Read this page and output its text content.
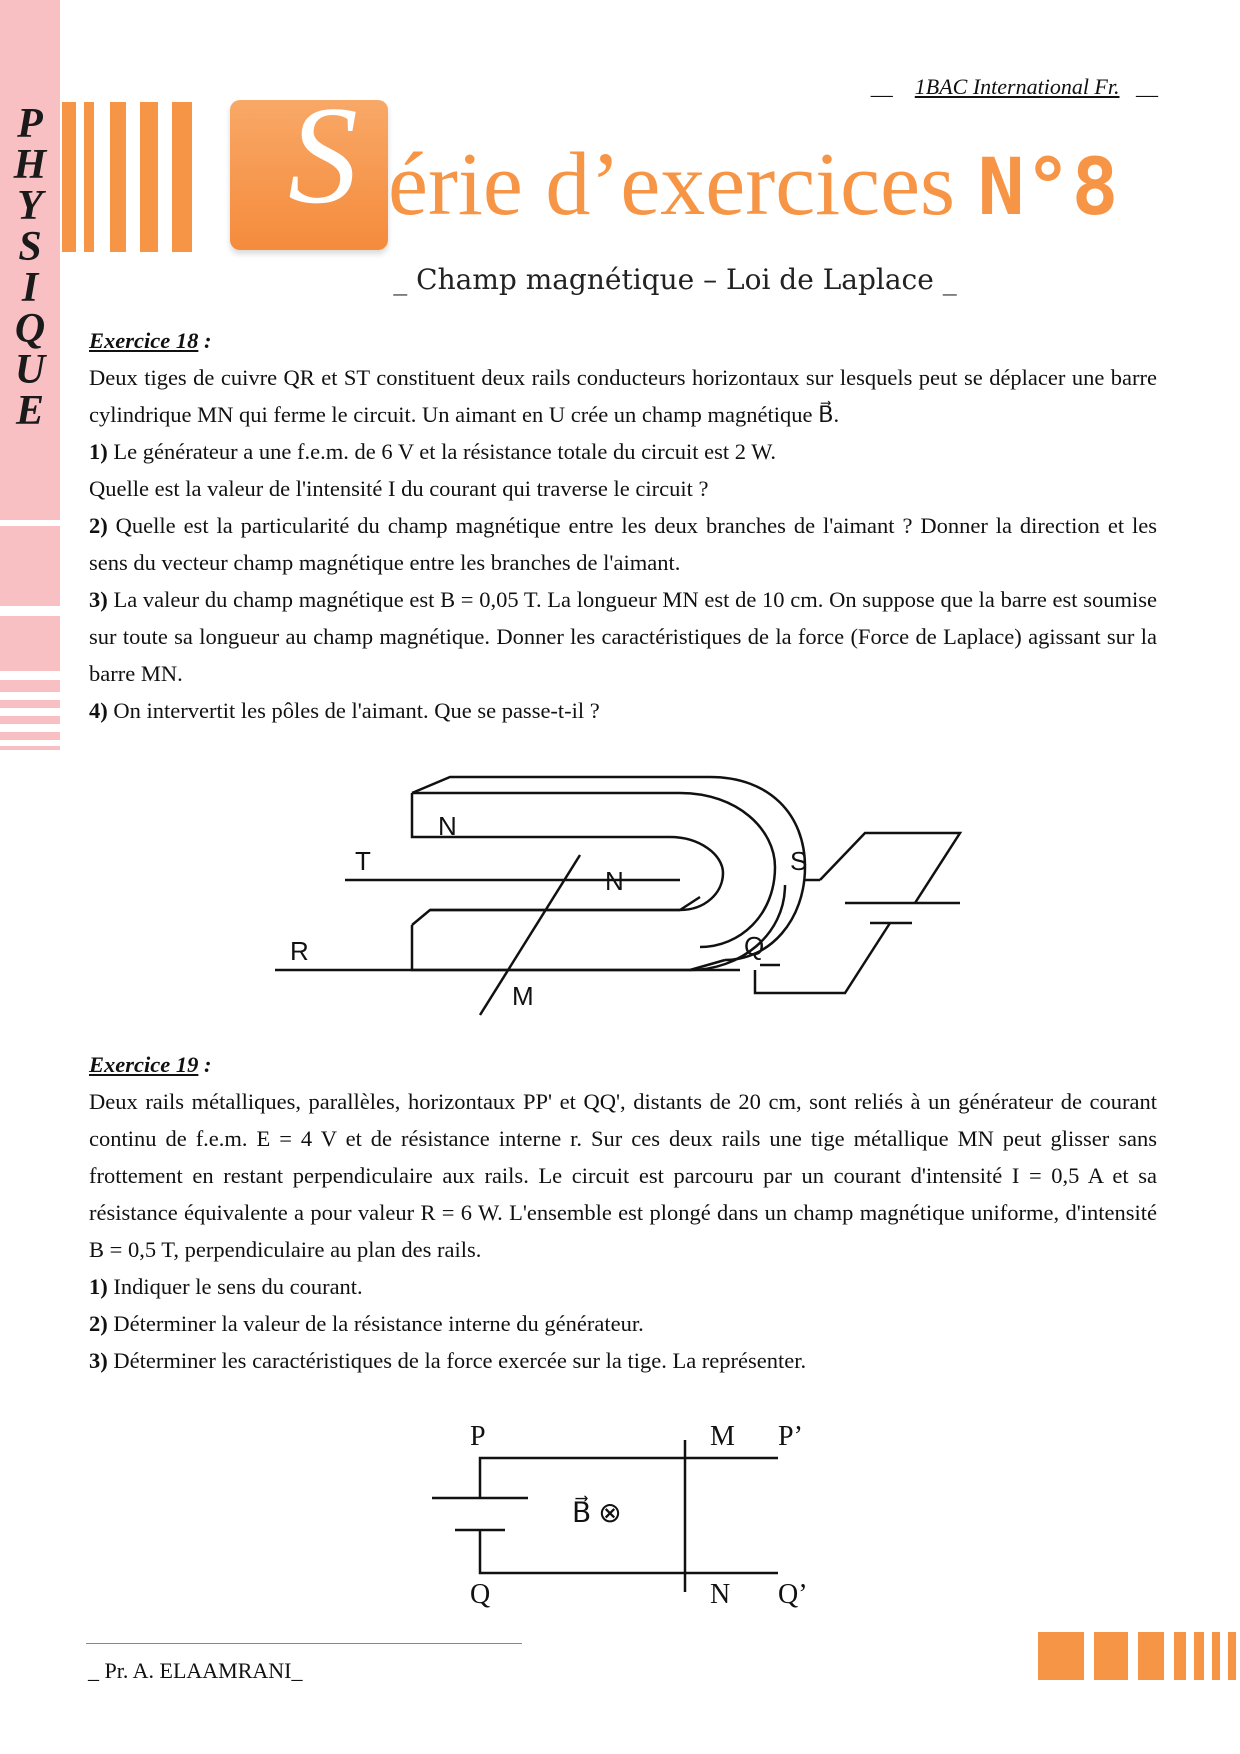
P
H
Y
S
I
Q
U
E
__ 1BAC International Fr. __
S érie d’exercices N°8
_ Champ magnétique – Loi de Laplace _

Exercice 18 :

Deux tiges de cuivre QR et ST constituent deux rails conducteurs horizontaux sur lesquels peut se déplacer une barre cylindrique MN qui ferme le circuit. Un aimant en U crée un champ magnétique B⃗.

1) Le générateur a une f.e.m. de 6 V et la résistance totale du circuit est 2 W.

Quelle est la valeur de l'intensité I du courant qui traverse le circuit ?

2) Quelle est la particularité du champ magnétique entre les deux branches de l'aimant ? Donner la direction et les sens du vecteur champ magnétique entre les branches de l'aimant.

3) La valeur du champ magnétique est B = 0,05 T. La longueur MN est de 10 cm. On suppose que la barre est soumise sur toute sa longueur au champ magnétique. Donner les caractéristiques de la force (Force de Laplace) agissant sur la barre MN.

4) On intervertit les pôles de l'aimant. Que se passe-t-il ?

N
T	S
N
R	Q
M

Exercice 19 :

Deux rails métalliques, parallèles, horizontaux PP' et QQ', distants de 20 cm, sont reliés à un générateur de courant continu de f.e.m. E = 4 V et de résistance interne r. Sur ces deux rails une tige métallique MN peut glisser sans frottement en restant perpendiculaire aux rails. Le circuit est parcouru par un courant d'intensité I = 0,5 A et sa résistance équivalente a pour valeur R = 6 W. L'ensemble est plongé dans un champ magnétique uniforme, d'intensité B = 0,5 T, perpendiculaire au plan des rails.

1) Indiquer le sens du courant.

2) Déterminer la valeur de la résistance interne du générateur.

3) Déterminer les caractéristiques de la force exercée sur la tige. La représenter.

P	M P’
B⃗ ⊗
Q	N Q’
_ Pr. A. ELAAMRANI_
